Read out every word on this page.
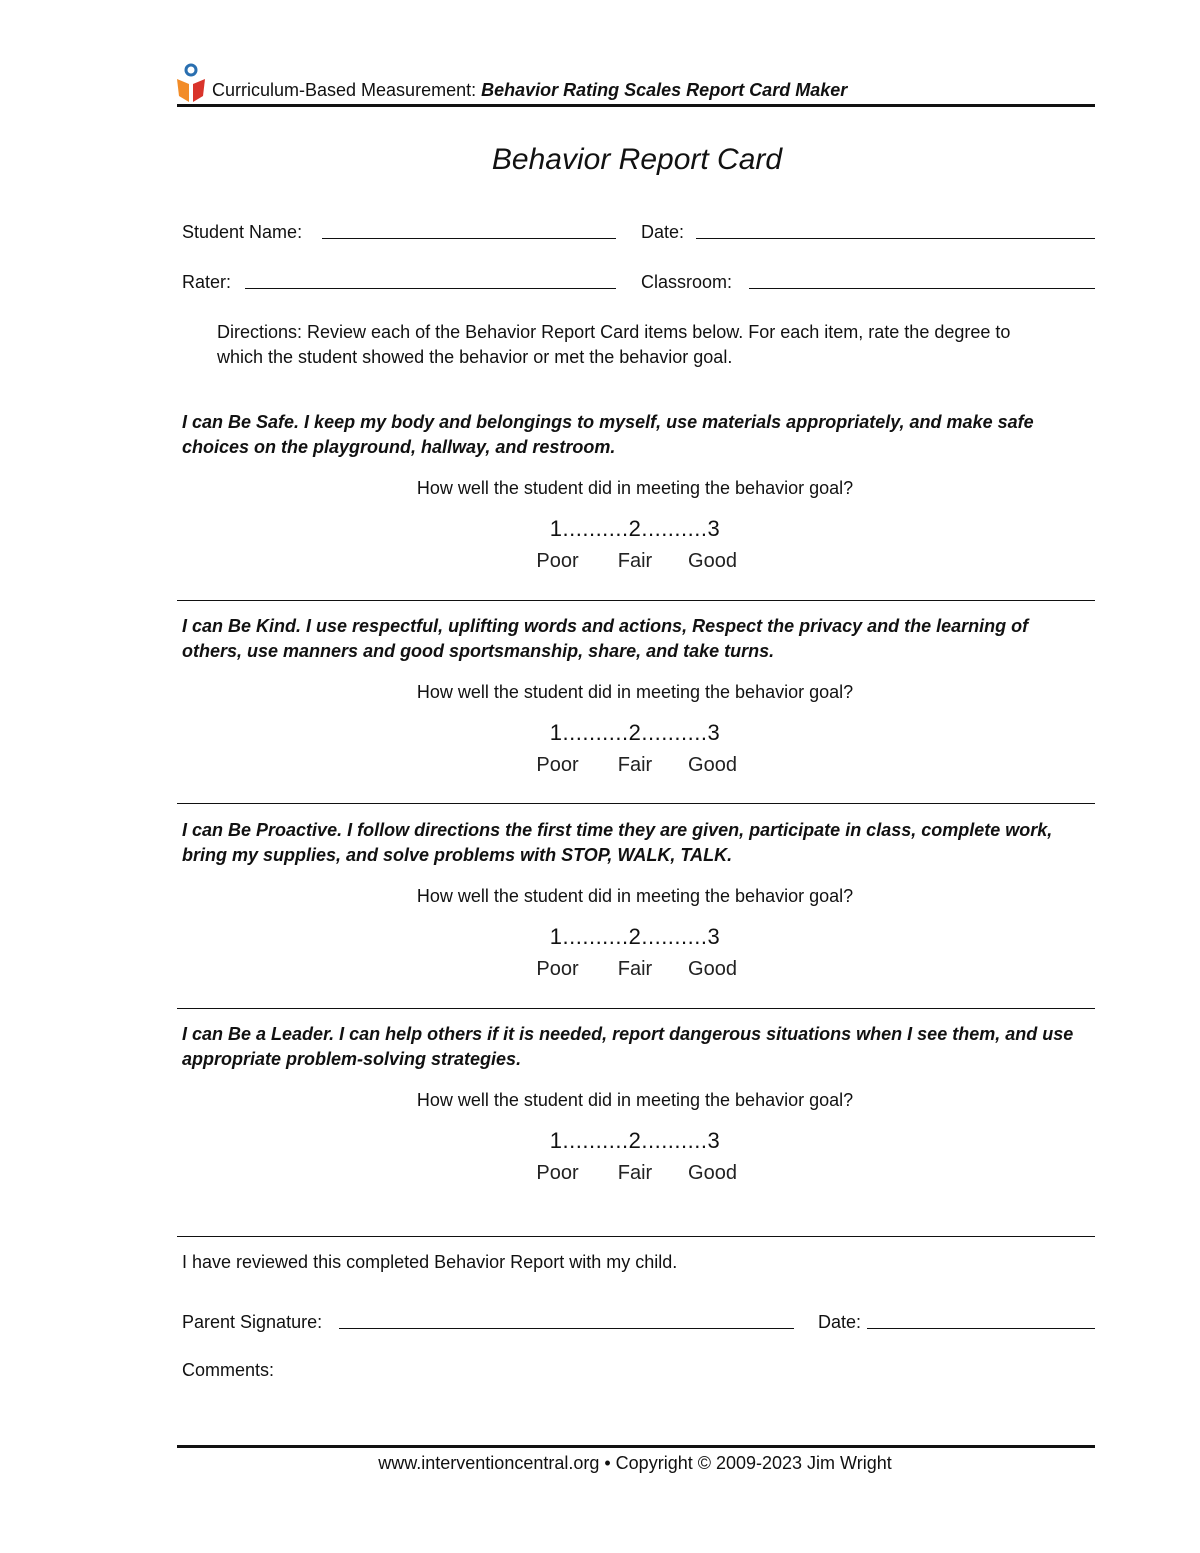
Curriculum-Based Measurement: Behavior Rating Scales Report Card Maker
Behavior Report Card
Student Name:	Date:
Rater:	Classroom:
Directions: Review each of the Behavior Report Card items below. For each item, rate the degree to which the student showed the behavior or met the behavior goal.
I can Be Safe. I keep my body and belongings to myself, use materials appropriately, and make safe choices on the playground, hallway, and restroom.
How well the student did in meeting the behavior goal?
1..........2..........3
Poor Fair Good
I can Be Kind. I use respectful, uplifting words and actions, Respect the privacy and the learning of others, use manners and good sportsmanship, share, and take turns.
How well the student did in meeting the behavior goal?
1..........2..........3
Poor Fair Good
I can Be Proactive. I follow directions the first time they are given, participate in class, complete work, bring my supplies, and solve problems with STOP, WALK, TALK.
How well the student did in meeting the behavior goal?
1..........2..........3
Poor Fair Good
I can Be a Leader. I can help others if it is needed, report dangerous situations when I see them, and use appropriate problem-solving strategies.
How well the student did in meeting the behavior goal?
1..........2..........3
Poor Fair Good
I have reviewed this completed Behavior Report with my child.
Parent Signature:	Date:
Comments:
www.interventioncentral.org • Copyright © 2009-2023 Jim Wright
